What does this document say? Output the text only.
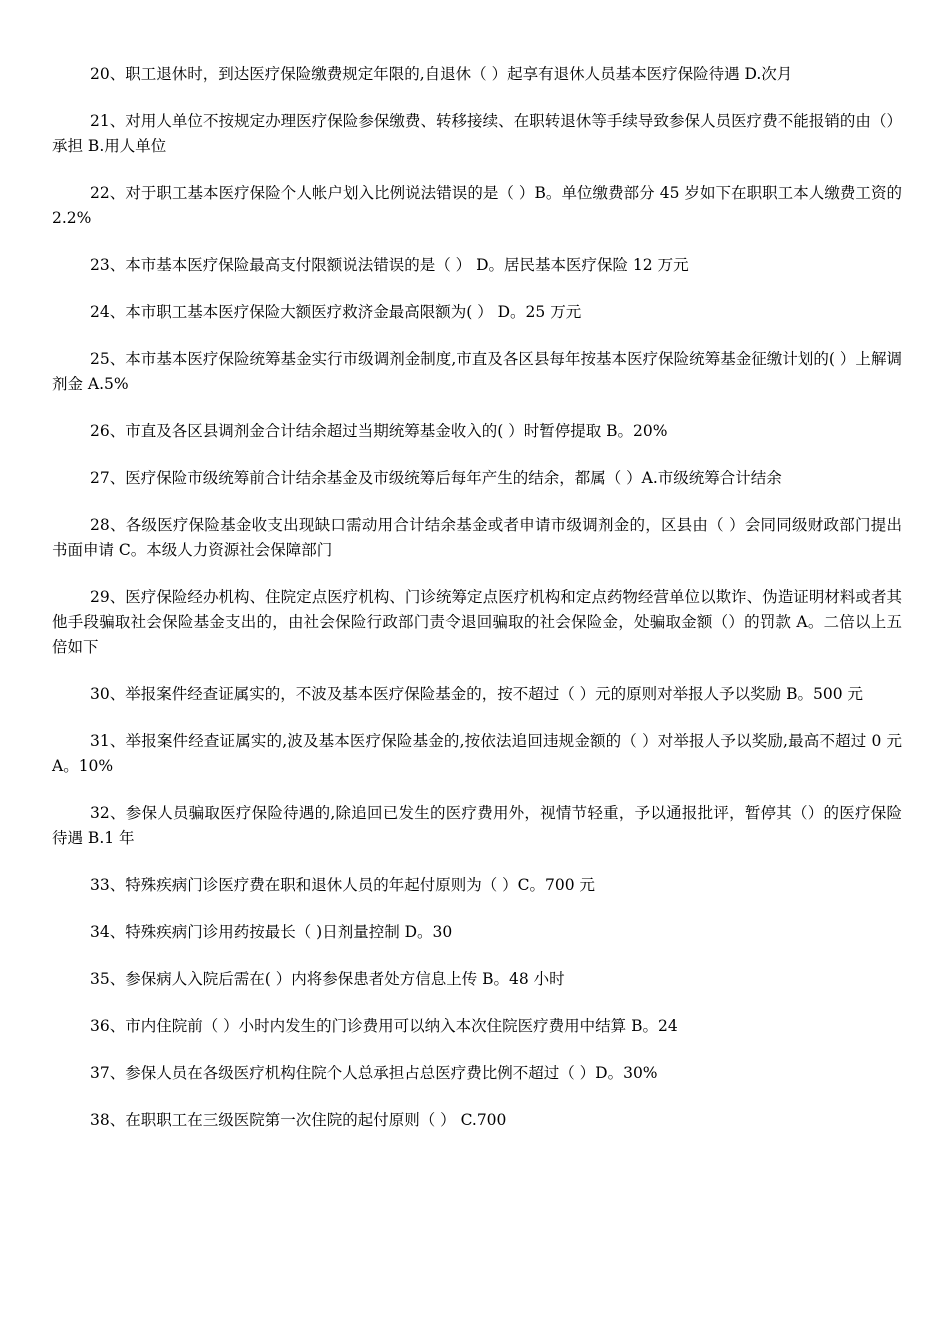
20、职工退休时，到达医疗保险缴费规定年限的,自退休（ ）起享有退休人员基本医疗保险待遇 D.次月

21、对用人单位不按规定办理医疗保险参保缴费、转移接续、在职转退休等手续导致参保人员医疗费不能报销的由（）承担 B.用人单位

22、对于职工基本医疗保险个人帐户划入比例说法错误的是（ ）B。单位缴费部分 45 岁如下在职职工本人缴费工资的 2.2%

23、本市基本医疗保险最高支付限额说法错误的是（ ） D。居民基本医疗保险 12 万元

24、本市职工基本医疗保险大额医疗救济金最高限额为( ） D。25 万元

25、本市基本医疗保险统筹基金实行市级调剂金制度,市直及各区县每年按基本医疗保险统筹基金征缴计划的( ）上解调剂金 A.5%

26、市直及各区县调剂金合计结余超过当期统筹基金收入的( ）时暂停提取 B。20%

27、医疗保险市级统筹前合计结余基金及市级统筹后每年产生的结余，都属（ ）A.市级统筹合计结余

28、各级医疗保险基金收支出现缺口需动用合计结余基金或者申请市级调剂金的，区县由（ ）会同同级财政部门提出书面申请 C。本级人力资源社会保障部门

29、医疗保险经办机构、住院定点医疗机构、门诊统筹定点医疗机构和定点药物经营单位以欺诈、伪造证明材料或者其他手段骗取社会保险基金支出的，由社会保险行政部门责令退回骗取的社会保险金，处骗取金额（）的罚款 A。二倍以上五倍如下

30、举报案件经查证属实的，不波及基本医疗保险基金的，按不超过（ ）元的原则对举报人予以奖励 B。500 元

31、举报案件经查证属实的,波及基本医疗保险基金的,按依法追回违规金额的（ ）对举报人予以奖励,最高不超过 0 元 A。10%

32、参保人员骗取医疗保险待遇的,除追回已发生的医疗费用外，视情节轻重，予以通报批评，暂停其（）的医疗保险待遇 B.1 年

33、特殊疾病门诊医疗费在职和退休人员的年起付原则为（ ）C。700 元

34、特殊疾病门诊用药按最长（ )日剂量控制 D。30

35、参保病人入院后需在( ）内将参保患者处方信息上传 B。48 小时

36、市内住院前（ ）小时内发生的门诊费用可以纳入本次住院医疗费用中结算 B。24

37、参保人员在各级医疗机构住院个人总承担占总医疗费比例不超过（ ）D。30%

38、在职职工在三级医院第一次住院的起付原则（ ） C.700
